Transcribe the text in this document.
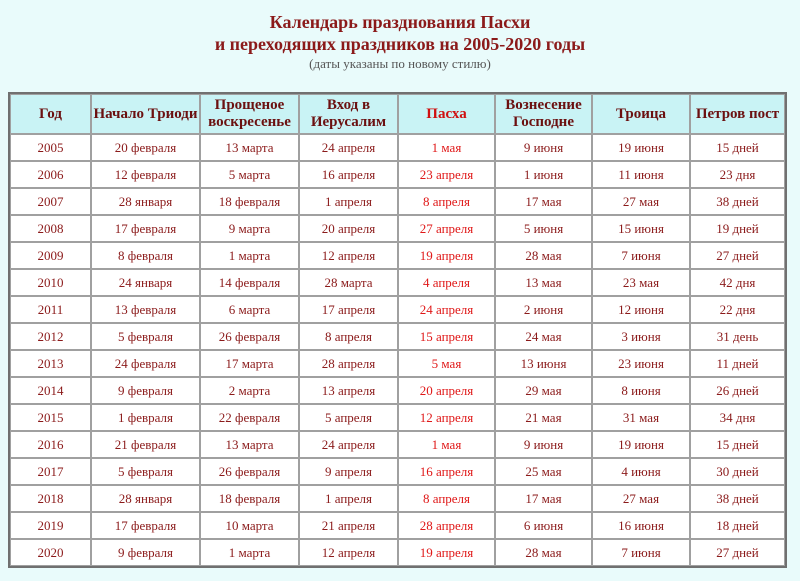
Календарь празднования Пасхи
и переходящих праздников на 2005-2020 годы
(даты указаны по новому стилю)
Год	Начало Триоди	Прощеное воскресенье	Вход в Иерусалим	Пасха	Вознесение Господне	Троица	Петров пост
2005	20 февраля	13 марта	24 апреля	1 мая	9 июня	19 июня	15 дней
2006	12 февраля	5 марта	16 апреля	23 апреля	1 июня	11 июня	23 дня
2007	28 января	18 февраля	1 апреля	8 апреля	17 мая	27 мая	38 дней
2008	17 февраля	9 марта	20 апреля	27 апреля	5 июня	15 июня	19 дней
2009	8 февраля	1 марта	12 апреля	19 апреля	28 мая	7 июня	27 дней
2010	24 января	14 февраля	28 марта	4 апреля	13 мая	23 мая	42 дня
2011	13 февраля	6 марта	17 апреля	24 апреля	2 июня	12 июня	22 дня
2012	5 февраля	26 февраля	8 апреля	15 апреля	24 мая	3 июня	31 день
2013	24 февраля	17 марта	28 апреля	5 мая	13 июня	23 июня	11 дней
2014	9 февраля	2 марта	13 апреля	20 апреля	29 мая	8 июня	26 дней
2015	1 февраля	22 февраля	5 апреля	12 апреля	21 мая	31 мая	34 дня
2016	21 февраля	13 марта	24 апреля	1 мая	9 июня	19 июня	15 дней
2017	5 февраля	26 февраля	9 апреля	16 апреля	25 мая	4 июня	30 дней
2018	28 января	18 февраля	1 апреля	8 апреля	17 мая	27 мая	38 дней
2019	17 февраля	10 марта	21 апреля	28 апреля	6 июня	16 июня	18 дней
2020	9 февраля	1 марта	12 апреля	19 апреля	28 мая	7 июня	27 дней
